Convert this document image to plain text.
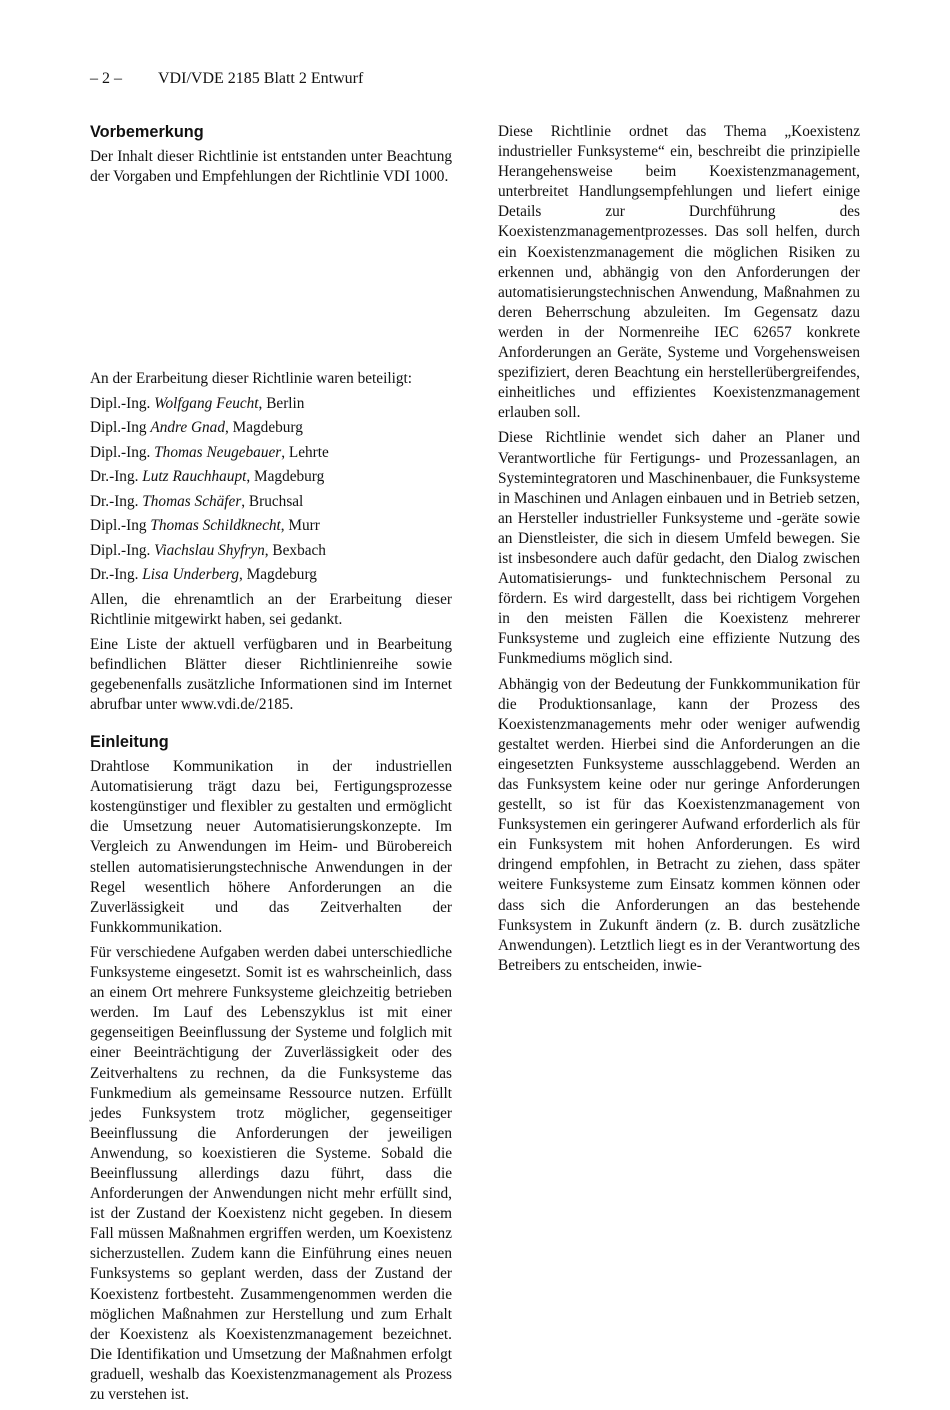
– 2 – VDI/VDE 2185 Blatt 2 Entwurf
Vorbemerkung

Der Inhalt dieser Richtlinie ist entstanden unter Beachtung der Vorgaben und Empfehlungen der Richtlinie VDI 1000.

An der Erarbeitung dieser Richtlinie waren beteiligt:

Dipl.-Ing. Wolfgang Feucht, Berlin

Dipl.-Ing Andre Gnad, Magdeburg

Dipl.-Ing. Thomas Neugebauer, Lehrte

Dr.-Ing. Lutz Rauchhaupt, Magdeburg

Dr.-Ing. Thomas Schäfer, Bruchsal

Dipl.-Ing Thomas Schildknecht, Murr

Dipl.-Ing. Viachslau Shyfryn, Bexbach

Dr.-Ing. Lisa Underberg, Magdeburg

Allen, die ehrenamtlich an der Erarbeitung dieser Richtlinie mitgewirkt haben, sei gedankt.

Eine Liste der aktuell verfügbaren und in Bearbeitung befindlichen Blätter dieser Richtlinienreihe sowie gegebenenfalls zusätzliche Informationen sind im Internet abrufbar unter www.vdi.de/2185.

Einleitung

Drahtlose Kommunikation in der industriellen Automatisierung trägt dazu bei, Fertigungsprozesse kostengünstiger und flexibler zu gestalten und ermöglicht die Umsetzung neuer Automatisierungskonzepte. Im Vergleich zu Anwendungen im Heim- und Bürobereich stellen automatisierungstechnische Anwendungen in der Regel wesentlich höhere Anforderungen an die Zuverlässigkeit und das Zeitverhalten der Funkkommunikation.

Für verschiedene Aufgaben werden dabei unterschiedliche Funksysteme eingesetzt. Somit ist es wahrscheinlich, dass an einem Ort mehrere Funksysteme gleichzeitig betrieben werden. Im Lauf des Lebenszyklus ist mit einer gegenseitigen Beeinflussung der Systeme und folglich mit einer Beeinträchtigung der Zuverlässigkeit oder des Zeitverhaltens zu rechnen, da die Funksysteme das Funkmedium als gemeinsame Ressource nutzen. Erfüllt jedes Funksystem trotz möglicher, gegenseitiger Beeinflussung die Anforderungen der jeweiligen Anwendung, so koexistieren die Systeme. Sobald die Beeinflussung allerdings dazu führt, dass die Anforderungen der Anwendungen nicht mehr erfüllt sind, ist der Zustand der Koexistenz nicht gegeben. In diesem Fall müssen Maßnahmen ergriffen werden, um Koexistenz sicherzustellen. Zudem kann die Einführung eines neuen Funksystems so geplant werden, dass der Zustand der Koexistenz fortbesteht. Zusammengenommen werden die möglichen Maßnahmen zur Herstellung und zum Erhalt der Koexistenz als Koexistenzmanagement bezeichnet. Die Identifikation und Umsetzung der Maßnahmen erfolgt graduell, weshalb das Koexistenzmanagement als Prozess zu verstehen ist.

Diese Richtlinie ordnet das Thema „Koexistenz industrieller Funksysteme“ ein, beschreibt die prinzipielle Herangehensweise beim Koexistenzmanagement, unterbreitet Handlungsempfehlungen und liefert einige Details zur Durchführung des Koexistenzmanagementprozesses. Das soll helfen, durch ein Koexistenzmanagement die möglichen Risiken zu erkennen und, abhängig von den Anforderungen der automatisierungstechnischen Anwendung, Maßnahmen zu deren Beherrschung abzuleiten. Im Gegensatz dazu werden in der Normenreihe IEC 62657 konkrete Anforderungen an Geräte, Systeme und Vorgehensweisen spezifiziert, deren Beachtung ein herstellerübergreifendes, einheitliches und effizientes Koexistenzmanagement erlauben soll.

Diese Richtlinie wendet sich daher an Planer und Verantwortliche für Fertigungs- und Prozessanlagen, an Systemintegratoren und Maschinenbauer, die Funksysteme in Maschinen und Anlagen einbauen und in Betrieb setzen, an Hersteller industrieller Funksysteme und -geräte sowie an Dienstleister, die sich in diesem Umfeld bewegen. Sie ist insbesondere auch dafür gedacht, den Dialog zwischen Automatisierungs- und funktechnischem Personal zu fördern. Es wird dargestellt, dass bei richtigem Vorgehen in den meisten Fällen die Koexistenz mehrerer Funksysteme und zugleich eine effiziente Nutzung des Funkmediums möglich sind.

Abhängig von der Bedeutung der Funkkommunikation für die Produktionsanlage, kann der Prozess des Koexistenzmanagements mehr oder weniger aufwendig gestaltet werden. Hierbei sind die Anforderungen an die eingesetzten Funksysteme ausschlaggebend. Werden an das Funksystem keine oder nur geringe Anforderungen gestellt, so ist für das Koexistenzmanagement von Funksystemen ein geringerer Aufwand erforderlich als für ein Funksystem mit hohen Anforderungen. Es wird dringend empfohlen, in Betracht zu ziehen, dass später weitere Funksysteme zum Einsatz kommen können oder dass sich die Anforderungen an das bestehende Funksystem in Zukunft ändern (z. B. durch zusätzliche Anwendungen). Letztlich liegt es in der Verantwortung des Betreibers zu entscheiden, inwie-
